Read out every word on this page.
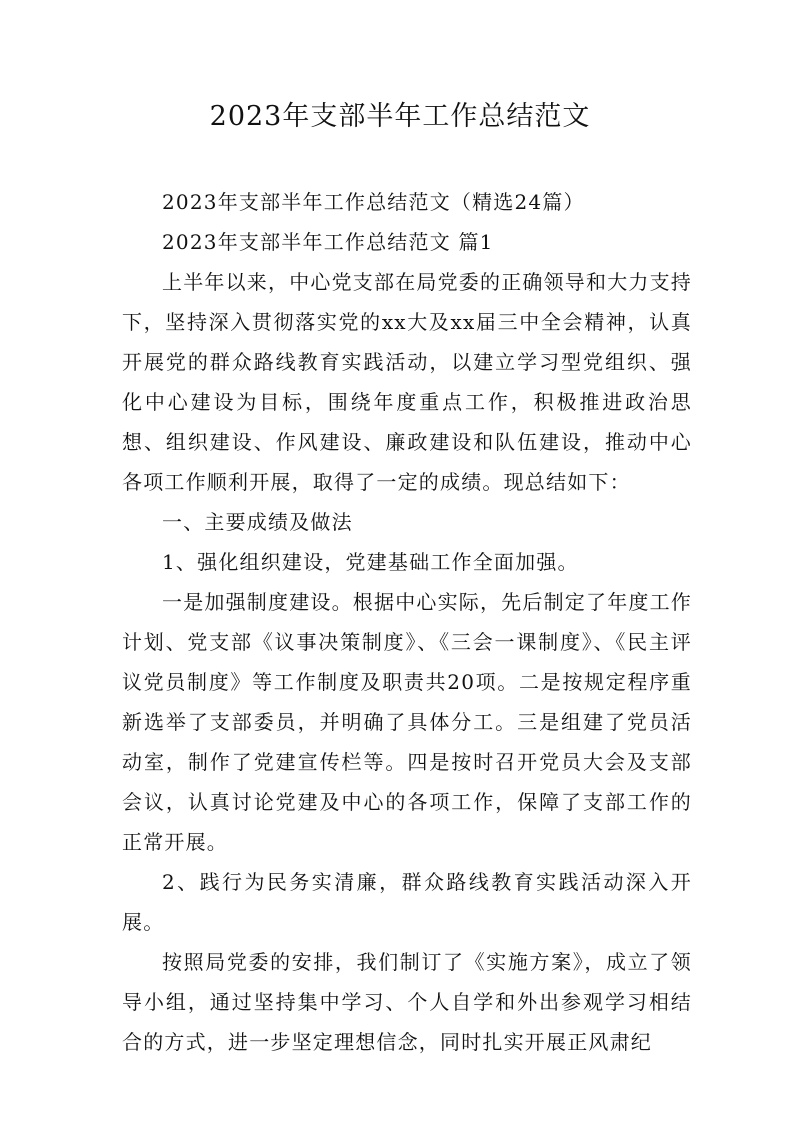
2023年支部半年工作总结范文

2023年支部半年工作总结范文（精选24篇）

2023年支部半年工作总结范文 篇1

上半年以来，中心党支部在局党委的正确领导和大力支持下，坚持深入贯彻落实党的xx大及xx届三中全会精神，认真开展党的群众路线教育实践活动，以建立学习型党组织、强化中心建设为目标，围绕年度重点工作，积极推进政治思想、组织建设、作风建设、廉政建设和队伍建设，推动中心各项工作顺利开展，取得了一定的成绩。现总结如下：

一、主要成绩及做法

1、强化组织建设，党建基础工作全面加强。

一是加强制度建设。根据中心实际，先后制定了年度工作计划、党支部《议事决策制度》、《三会一课制度》、《民主评议党员制度》等工作制度及职责共20项。二是按规定程序重新选举了支部委员，并明确了具体分工。三是组建了党员活动室，制作了党建宣传栏等。四是按时召开党员大会及支部会议，认真讨论党建及中心的各项工作，保障了支部工作的正常开展。

2、践行为民务实清廉，群众路线教育实践活动深入开展。

按照局党委的安排，我们制订了《实施方案》，成立了领导小组，通过坚持集中学习、个人自学和外出参观学习相结合的方式，进一步坚定理想信念，同时扎实开展正风肃纪
